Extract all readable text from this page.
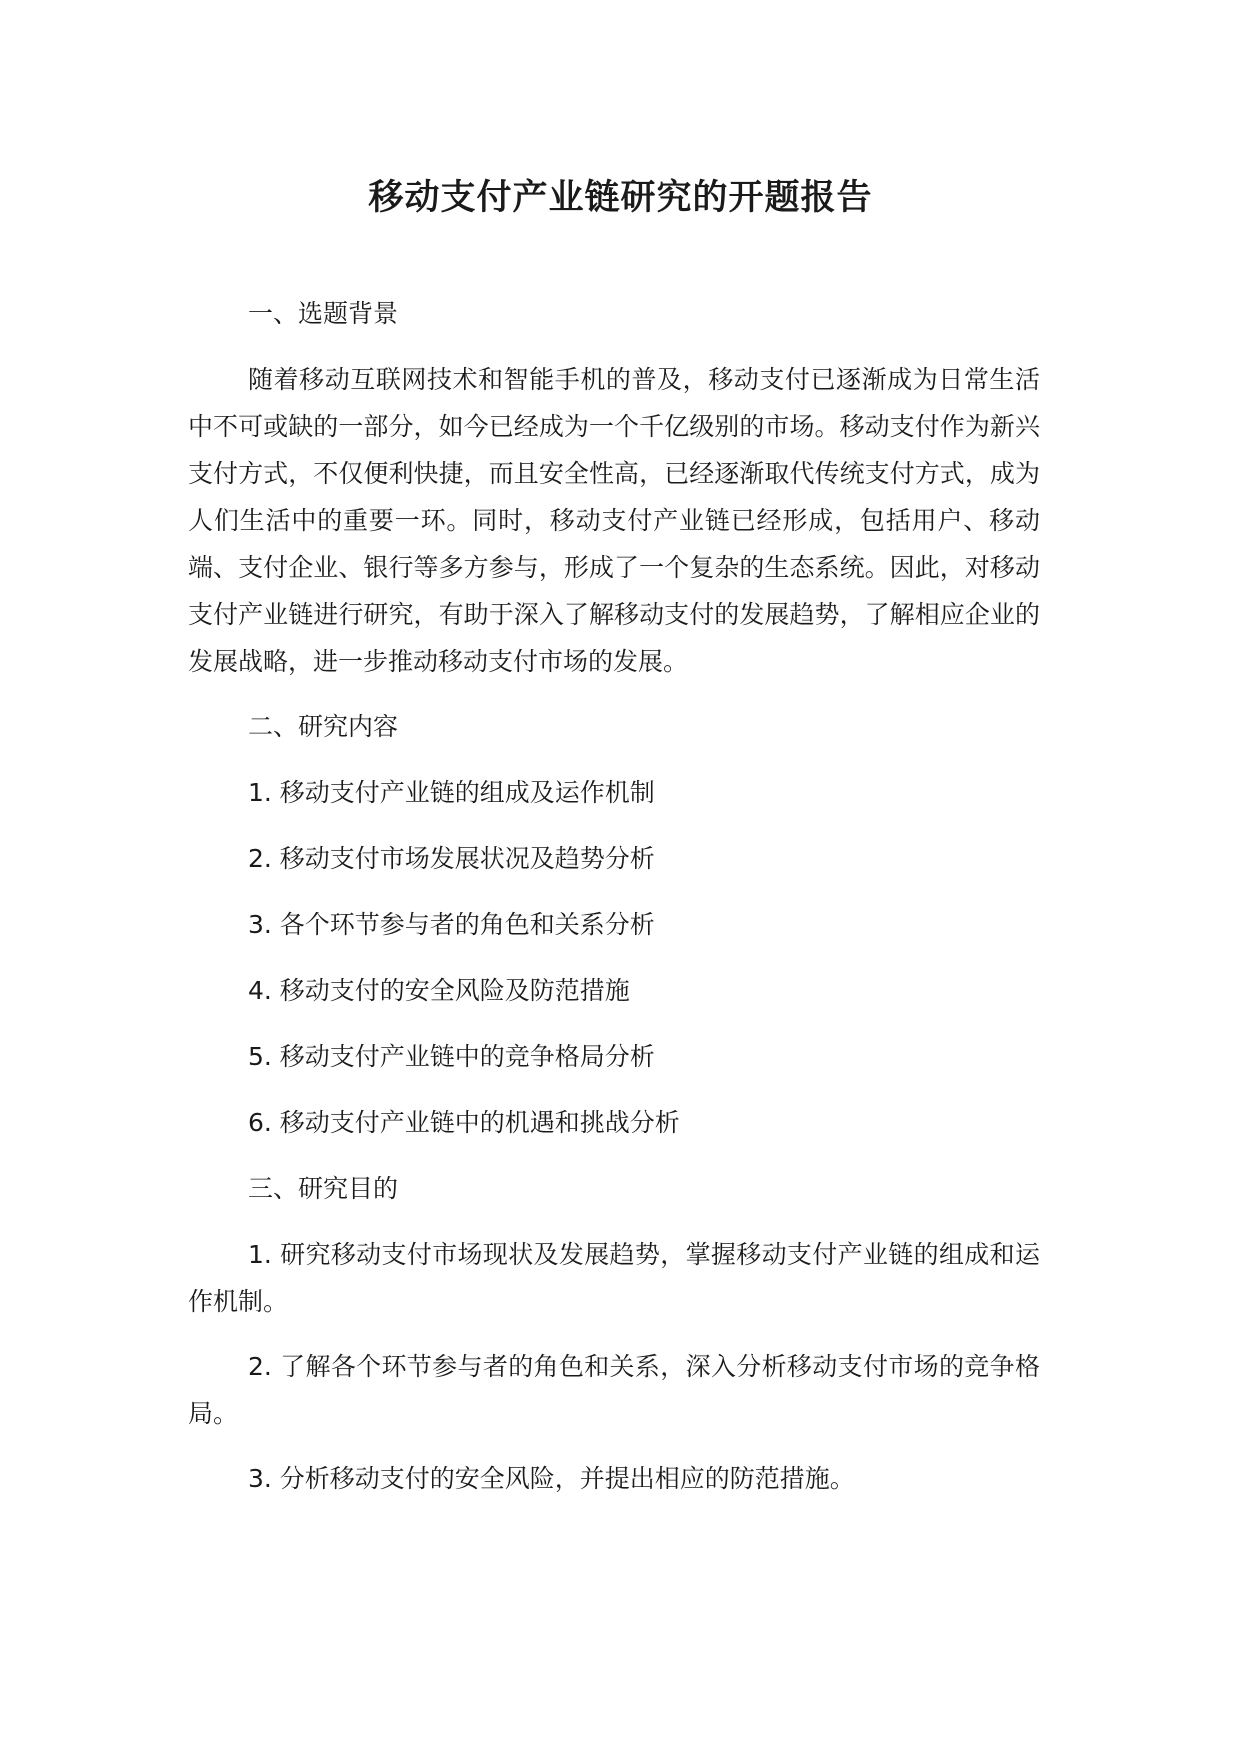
移动支付产业链研究的开题报告

一、选题背景

随着移动互联网技术和智能手机的普及，移动支付已逐渐成为日常生活中不可或缺的一部分，如今已经成为一个千亿级别的市场。移动支付作为新兴支付方式，不仅便利快捷，而且安全性高，已经逐渐取代传统支付方式，成为人们生活中的重要一环。同时，移动支付产业链已经形成，包括用户、移动端、支付企业、银行等多方参与，形成了一个复杂的生态系统。因此，对移动支付产业链进行研究，有助于深入了解移动支付的发展趋势，了解相应企业的发展战略，进一步推动移动支付市场的发展。

二、研究内容

1. 移动支付产业链的组成及运作机制

2. 移动支付市场发展状况及趋势分析

3. 各个环节参与者的角色和关系分析

4. 移动支付的安全风险及防范措施

5. 移动支付产业链中的竞争格局分析

6. 移动支付产业链中的机遇和挑战分析

三、研究目的

1. 研究移动支付市场现状及发展趋势，掌握移动支付产业链的组成和运作机制。

2. 了解各个环节参与者的角色和关系，深入分析移动支付市场的竞争格局。

3. 分析移动支付的安全风险，并提出相应的防范措施。
